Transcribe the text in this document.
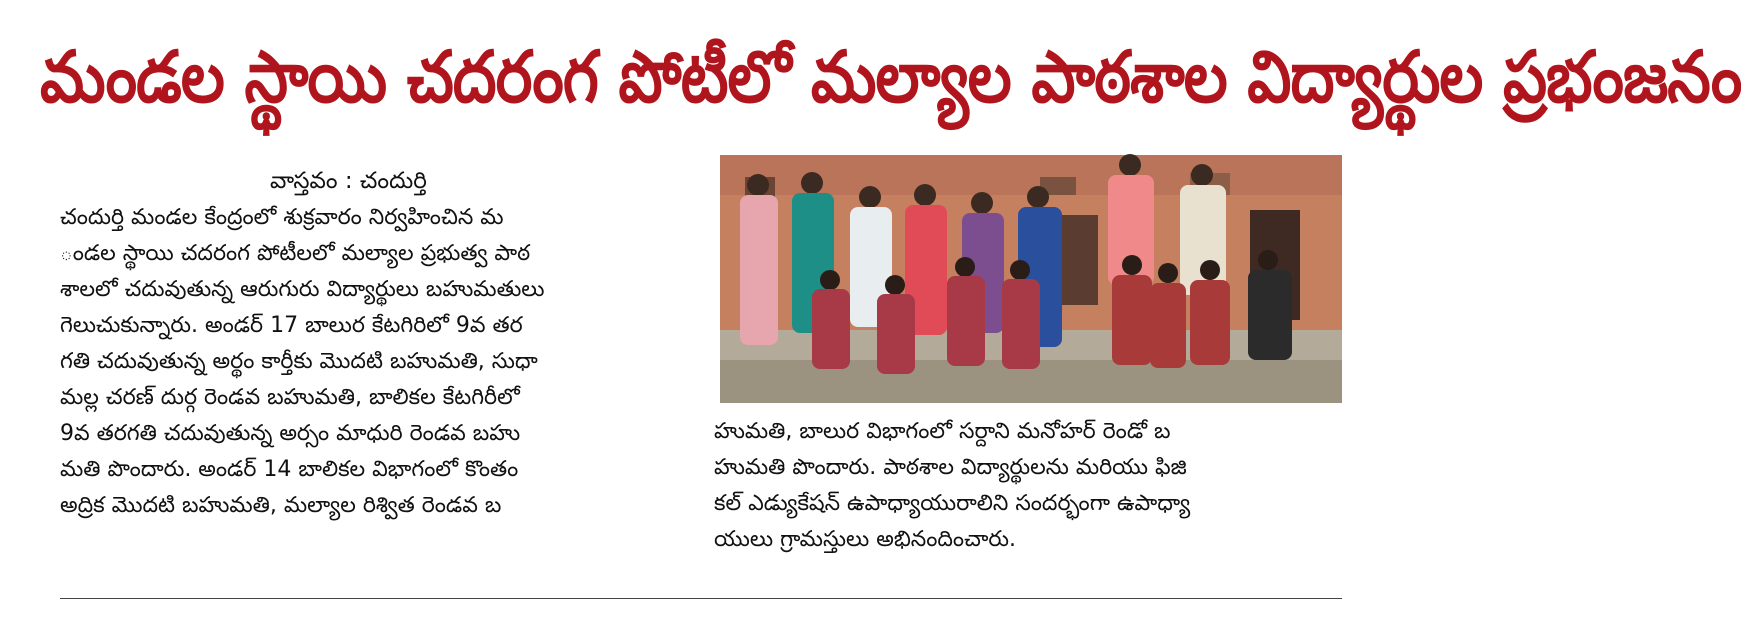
మండల స్థాయి చదరంగ పోటీలో మల్యాల పాఠశాల విద్యార్థుల ప్రభంజనం
వాస్తవం : చందుర్తి
చందుర్తి మండల కేంద్రంలో శుక్రవారం నిర్వహించిన మ
ండల స్థాయి చదరంగ పోటీలలో మల్యాల ప్రభుత్వ పాఠ
శాలలో చదువుతున్న ఆరుగురు విద్యార్థులు బహుమతులు
గెలుచుకున్నారు. అండర్ 17 బాలుర కేటగిరిలో 9వ తర
గతి చదువుతున్న అర్థం కార్తీకు మొదటి బహుమతి, సుధా
మల్ల చరణ్ దుర్గ రెండవ బహుమతి, బాలికల కేటగిరీలో
9వ తరగతి చదువుతున్న అర్సం మాధురి రెండవ బహు
మతి పొందారు. అండర్ 14 బాలికల విభాగంలో కొంతం
అద్రిక మొదటి బహుమతి, మల్యాల రిశ్విత రెండవ బ
హుమతి, బాలుర విభాగంలో సర్దాని మనోహర్ రెండో బ
హుమతి పొందారు. పాఠశాల విద్యార్థులను మరియు ఫిజి
కల్ ఎడ్యుకేషన్ ఉపాధ్యాయురాలిని సందర్భంగా ఉపాధ్యా
యులు గ్రామస్తులు అభినందించారు.
